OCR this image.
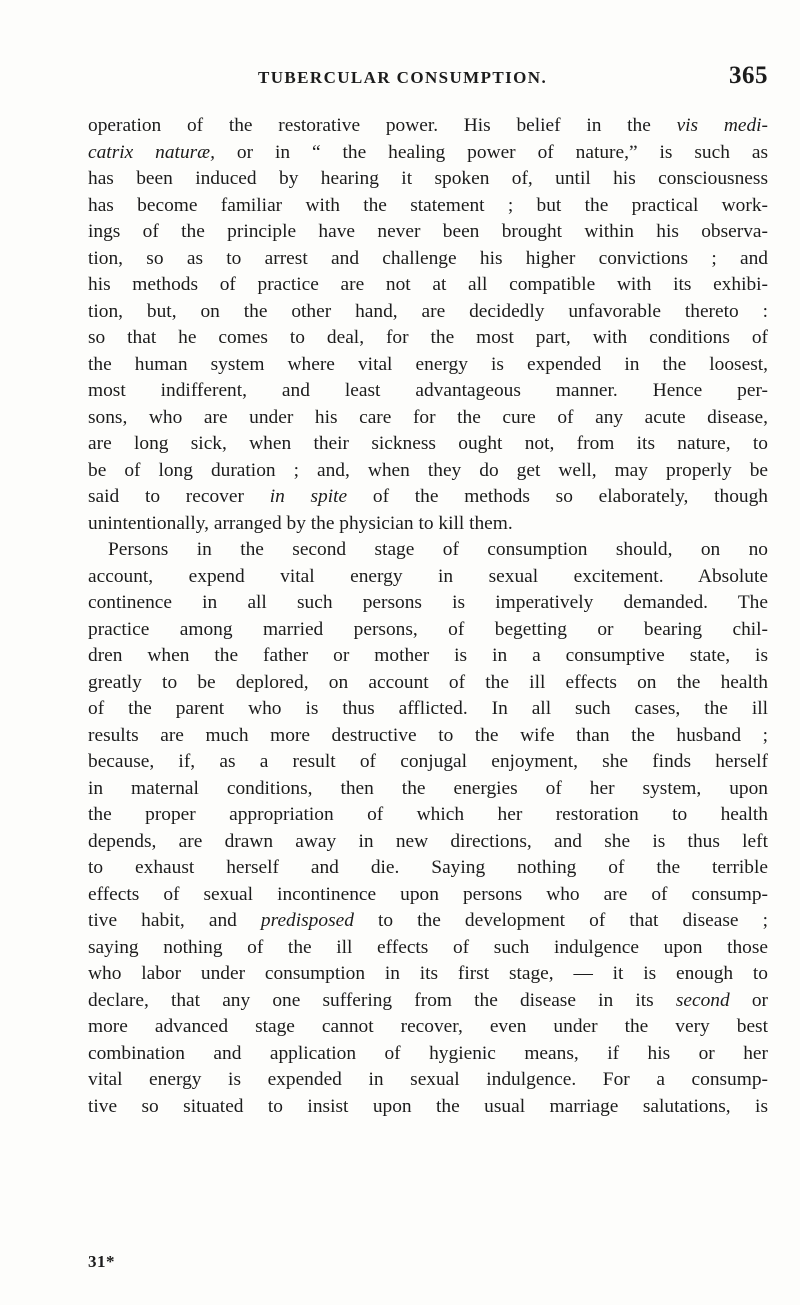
TUBERCULAR CONSUMPTION.	365
operation of the restorative power. His belief in the vis medi-
catrix naturæ, or in “ the healing power of nature,” is such as
has been induced by hearing it spoken of, until his consciousness
has become familiar with the statement ; but the practical work-
ings of the principle have never been brought within his observa-
tion, so as to arrest and challenge his higher convictions ; and
his methods of practice are not at all compatible with its exhibi-
tion, but, on the other hand, are decidedly unfavorable thereto :
so that he comes to deal, for the most part, with conditions of
the human system where vital energy is expended in the loosest,
most indifferent, and least advantageous manner. Hence per-
sons, who are under his care for the cure of any acute disease,
are long sick, when their sickness ought not, from its nature, to
be of long duration ; and, when they do get well, may properly be
said to recover in spite of the methods so elaborately, though
unintentionally, arranged by the physician to kill them.
Persons in the second stage of consumption should, on no
account, expend vital energy in sexual excitement. Absolute
continence in all such persons is imperatively demanded. The
practice among married persons, of begetting or bearing chil-
dren when the father or mother is in a consumptive state, is
greatly to be deplored, on account of the ill effects on the health
of the parent who is thus afflicted. In all such cases, the ill
results are much more destructive to the wife than the husband ;
because, if, as a result of conjugal enjoyment, she finds herself
in maternal conditions, then the energies of her system, upon
the proper appropriation of which her restoration to health
depends, are drawn away in new directions, and she is thus left
to exhaust herself and die. Saying nothing of the terrible
effects of sexual incontinence upon persons who are of consump-
tive habit, and predisposed to the development of that disease ;
saying nothing of the ill effects of such indulgence upon those
who labor under consumption in its first stage, — it is enough to
declare, that any one suffering from the disease in its second or
more advanced stage cannot recover, even under the very best
combination and application of hygienic means, if his or her
vital energy is expended in sexual indulgence. For a consump-
tive so situated to insist upon the usual marriage salutations, is
31*
